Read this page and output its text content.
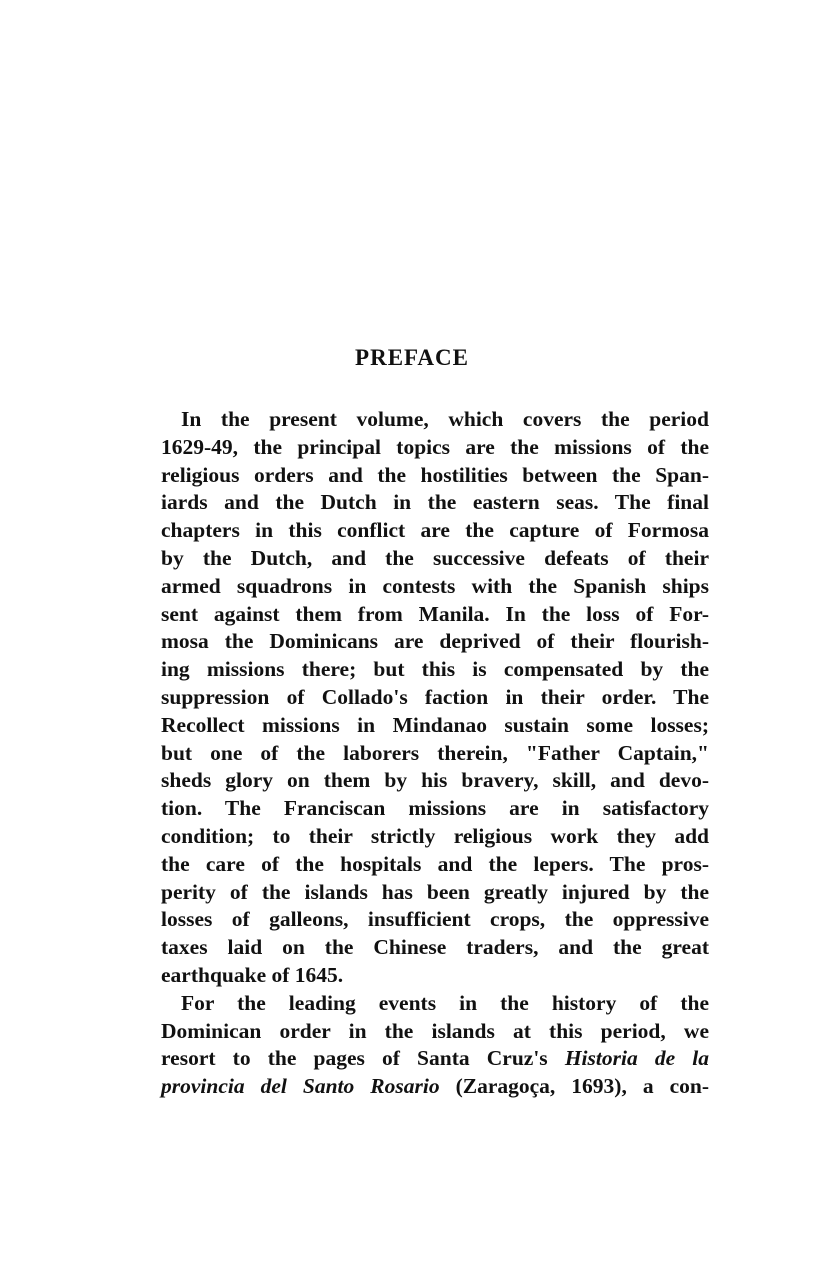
PREFACE
In the present volume, which covers the period
1629-49, the principal topics are the missions of the
religious orders and the hostilities between the Span-
iards and the Dutch in the eastern seas. The final
chapters in this conflict are the capture of Formosa
by the Dutch, and the successive defeats of their
armed squadrons in contests with the Spanish ships
sent against them from Manila. In the loss of For-
mosa the Dominicans are deprived of their flourish-
ing missions there; but this is compensated by the
suppression of Collado's faction in their order. The
Recollect missions in Mindanao sustain some losses;
but one of the laborers therein, "Father Captain,"
sheds glory on them by his bravery, skill, and devo-
tion. The Franciscan missions are in satisfactory
condition; to their strictly religious work they add
the care of the hospitals and the lepers. The pros-
perity of the islands has been greatly injured by the
losses of galleons, insufficient crops, the oppressive
taxes laid on the Chinese traders, and the great
earthquake of 1645.
For the leading events in the history of the
Dominican order in the islands at this period, we
resort to the pages of Santa Cruz's Historia de la
provincia del Santo Rosario (Zaragoça, 1693), a con-
